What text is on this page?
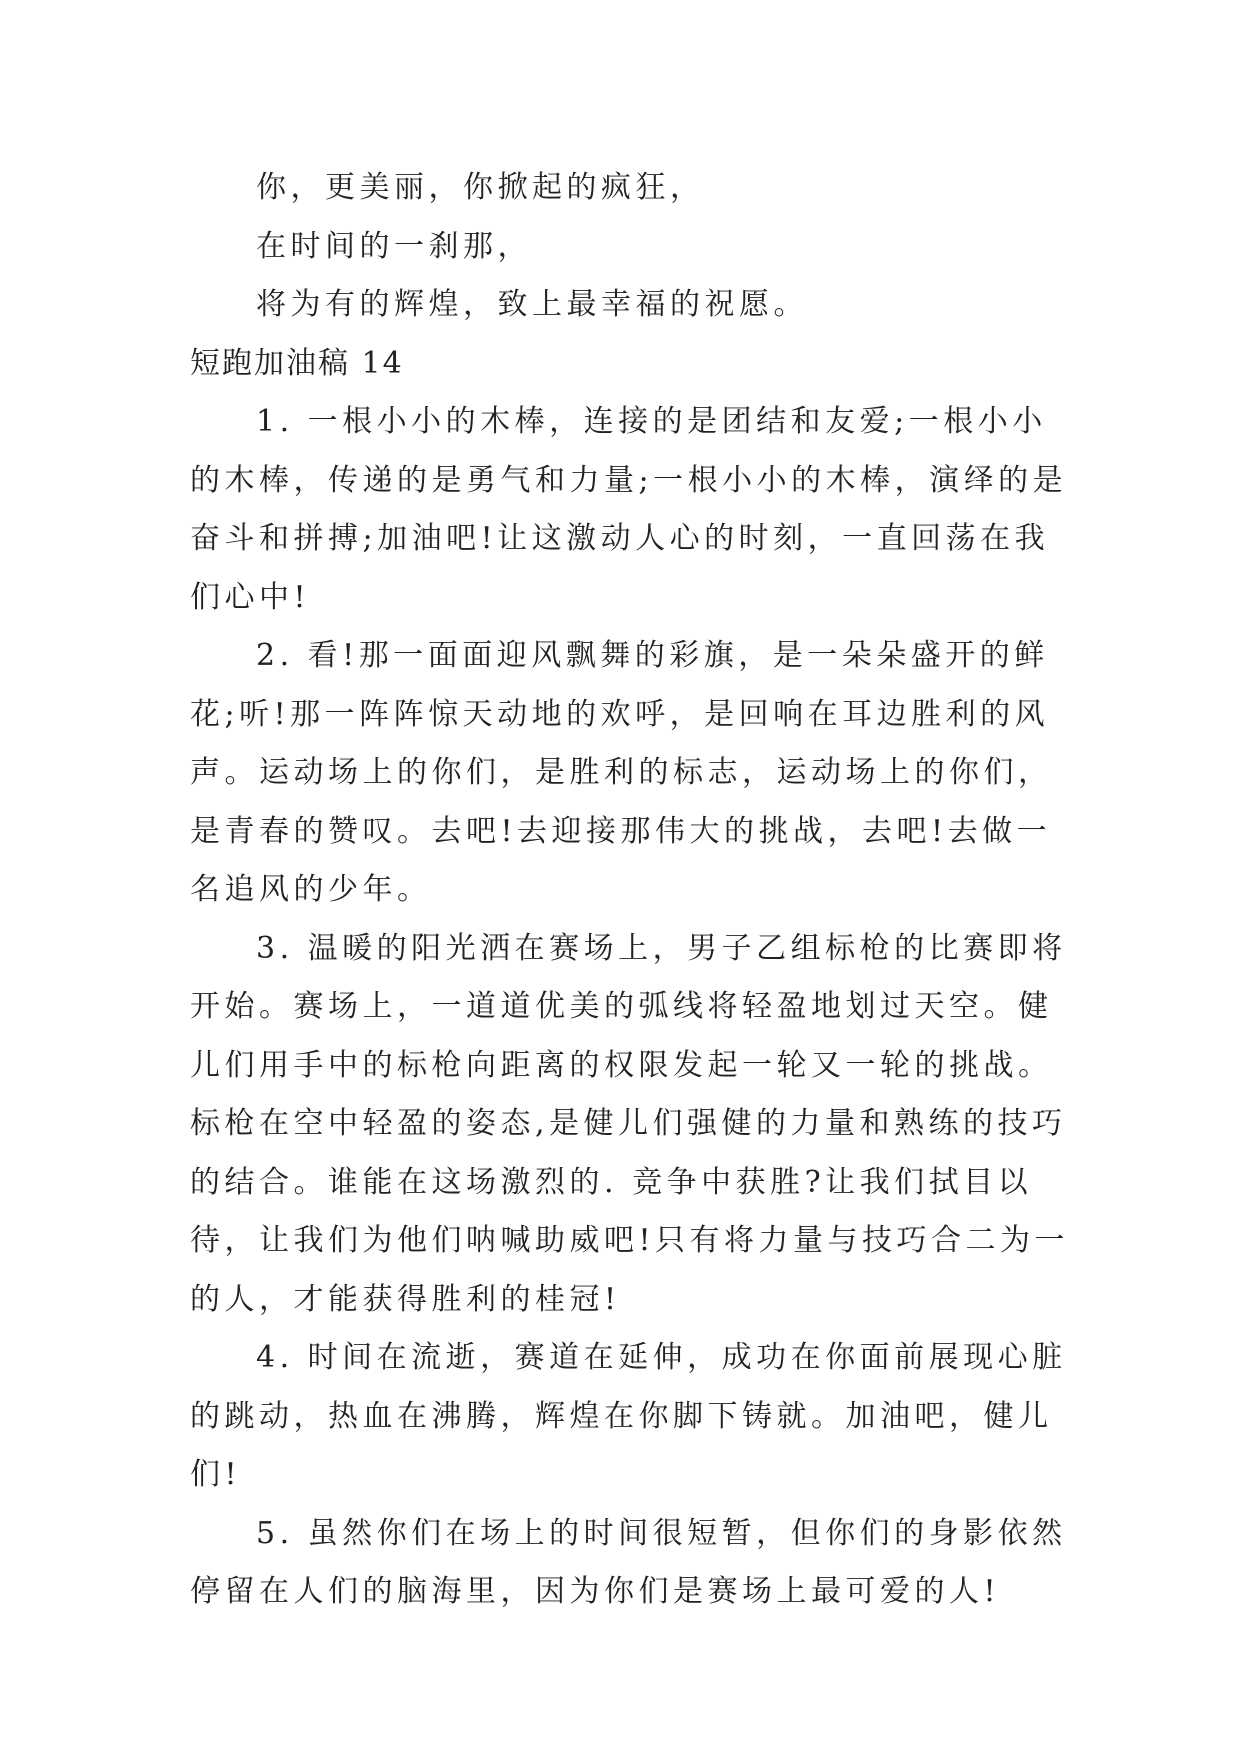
你，更美丽，你掀起的疯狂，

在时间的一刹那，

将为有的辉煌，致上最幸福的祝愿。

短跑加油稿 14

1. 一根小小的木棒，连接的是团结和友爱;一根小小的木棒，传递的是勇气和力量;一根小小的木棒，演绎的是奋斗和拼搏;加油吧!让这激动人心的时刻，一直回荡在我们心中!

2. 看!那一面面迎风飘舞的彩旗，是一朵朵盛开的鲜花;听!那一阵阵惊天动地的欢呼，是回响在耳边胜利的风声。运动场上的你们，是胜利的标志，运动场上的你们，是青春的赞叹。去吧!去迎接那伟大的挑战，去吧!去做一名追风的少年。

3. 温暖的阳光洒在赛场上，男子乙组标枪的比赛即将开始。赛场上，一道道优美的弧线将轻盈地划过天空。健儿们用手中的标枪向距离的权限发起一轮又一轮的挑战。标枪在空中轻盈的姿态,是健儿们强健的力量和熟练的技巧的结合。谁能在这场激烈的. 竞争中获胜?让我们拭目以待，让我们为他们呐喊助威吧!只有将力量与技巧合二为一的人，才能获得胜利的桂冠!

4. 时间在流逝，赛道在延伸，成功在你面前展现心脏的跳动，热血在沸腾，辉煌在你脚下铸就。加油吧，健儿们!

5. 虽然你们在场上的时间很短暂，但你们的身影依然停留在人们的脑海里，因为你们是赛场上最可爱的人!
